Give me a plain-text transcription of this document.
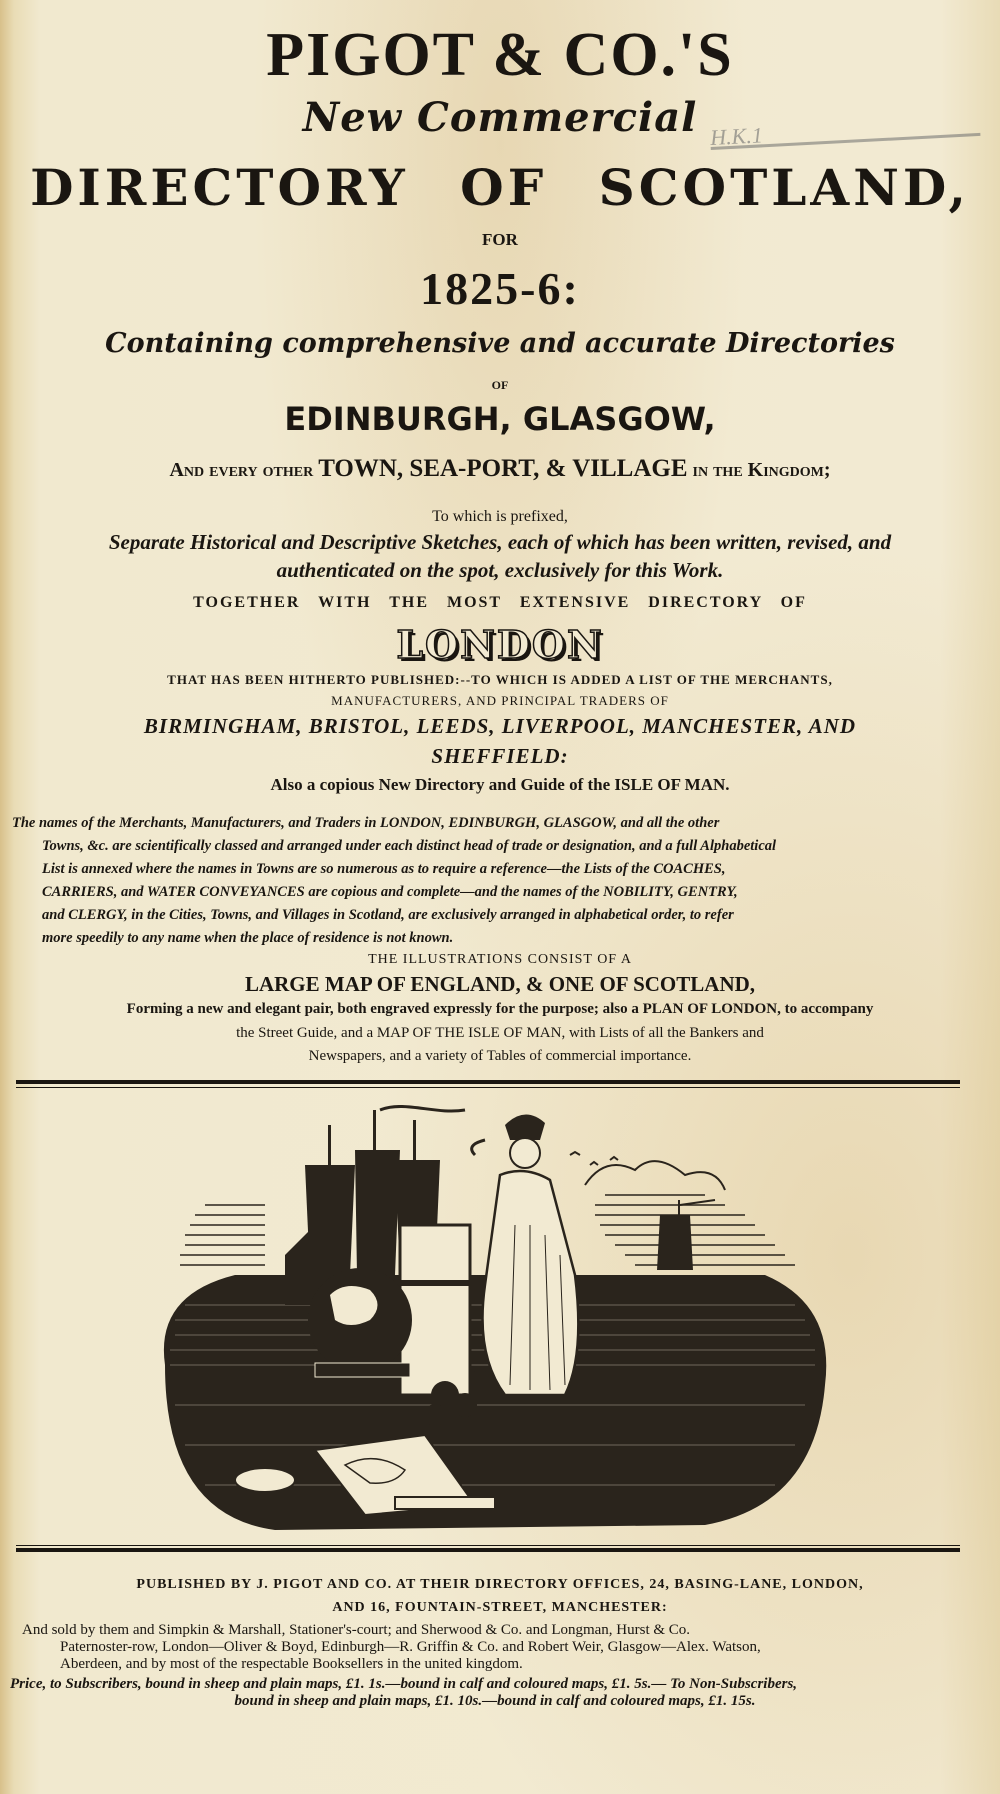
H.K.1
PIGOT & CO.'S
New Commercial
DIRECTORY OF SCOTLAND,
FOR
1825-6:
Containing comprehensive and accurate Directories
OF
EDINBURGH, GLASGOW,
And every other TOWN, SEA-PORT, & VILLAGE in the Kingdom;
To which is prefixed,
Separate Historical and Descriptive Sketches, each of which has been written, revised, and
authenticated on the spot, exclusively for this Work.
TOGETHER WITH THE MOST EXTENSIVE DIRECTORY OF
LONDON
THAT HAS BEEN HITHERTO PUBLISHED:--TO WHICH IS ADDED A LIST OF THE MERCHANTS,
MANUFACTURERS, AND PRINCIPAL TRADERS OF
BIRMINGHAM, BRISTOL, LEEDS, LIVERPOOL, MANCHESTER, AND
SHEFFIELD:
Also a copious New Directory and Guide of the ISLE OF MAN.
The names of the Merchants, Manufacturers, and Traders in LONDON, EDINBURGH, GLASGOW, and all the other
Towns, &c. are scientifically classed and arranged under each distinct head of trade or designation, and a full Alphabetical
List is annexed where the names in Towns are so numerous as to require a reference—the Lists of the COACHES,
CARRIERS, and WATER CONVEYANCES are copious and complete—and the names of the NOBILITY, GENTRY,
and CLERGY, in the Cities, Towns, and Villages in Scotland, are exclusively arranged in alphabetical order, to refer
more speedily to any name when the place of residence is not known.
THE ILLUSTRATIONS CONSIST OF A
LARGE MAP OF ENGLAND, & ONE OF SCOTLAND,
Forming a new and elegant pair, both engraved expressly for the purpose; also a PLAN OF LONDON, to accompany
the Street Guide, and a MAP OF THE ISLE OF MAN, with Lists of all the Bankers and
Newspapers, and a variety of Tables of commercial importance.
PUBLISHED BY J. PIGOT AND CO. AT THEIR DIRECTORY OFFICES, 24, BASING-LANE, LONDON,
AND 16, FOUNTAIN-STREET, MANCHESTER:
And sold by them and Simpkin & Marshall, Stationer's-court; and Sherwood & Co. and Longman, Hurst & Co.
Paternoster-row, London—Oliver & Boyd, Edinburgh—R. Griffin & Co. and Robert Weir, Glasgow—Alex. Watson,
Aberdeen, and by most of the respectable Booksellers in the united kingdom.
Price, to Subscribers, bound in sheep and plain maps, £1. 1s.—bound in calf and coloured maps, £1. 5s.— To Non-Subscribers,
bound in sheep and plain maps, £1. 10s.—bound in calf and coloured maps, £1. 15s.
